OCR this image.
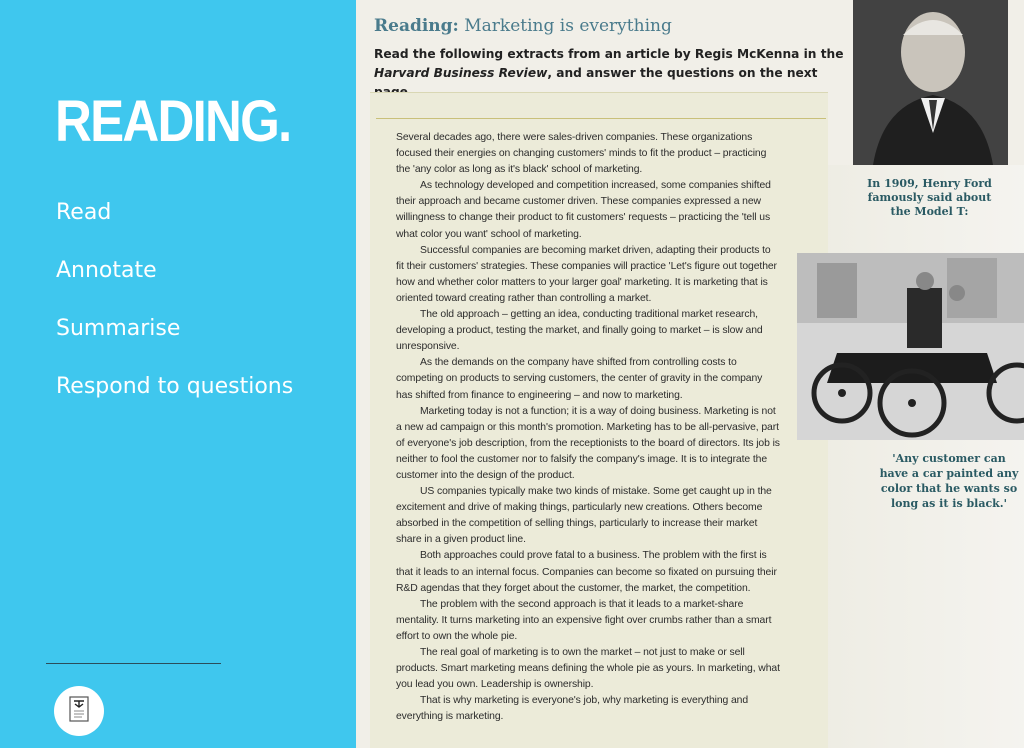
READING.
Read
Annotate
Summarise
Respond to questions
Reading: Marketing is everything
Read the following extracts from an article by Regis McKenna in the Harvard Business Review, and answer the questions on the next

Several decades ago, there were sales-driven companies. These organizations focused their energies on changing customers' minds to fit the product – practicing the 'any color as long as it's black' school of marketing.

As technology developed and competition increased, some companies shifted their approach and became customer driven. These companies expressed a new willingness to change their product to fit customers' requests – practicing the 'tell us what color you want' school of marketing.

Successful companies are becoming market driven, adapting their products to fit their customers' strategies. These companies will practice 'Let's figure out together how and whether color matters to your larger goal' marketing. It is marketing that is oriented toward creating rather than controlling a market.

The old approach – getting an idea, conducting traditional market research, developing a product, testing the market, and finally going to market – is slow and unresponsive.

As the demands on the company have shifted from controlling costs to competing on products to serving customers, the center of gravity in the company has shifted from finance to engineering – and now to marketing.

Marketing today is not a function; it is a way of doing business. Marketing is not a new ad campaign or this month's promotion. Marketing has to be all-pervasive, part of everyone's job description, from the receptionists to the board of directors. Its job is neither to fool the customer nor to falsify the company's image. It is to integrate the customer into the design of the product.

US companies typically make two kinds of mistake. Some get caught up in the excitement and drive of making things, particularly new creations. Others become absorbed in the competition of selling things, particularly to increase their market share in a given product line.

Both approaches could prove fatal to a business. The problem with the first is that it leads to an internal focus. Companies can become so fixated on pursuing their R&D agendas that they forget about the customer, the market, the competition.

The problem with the second approach is that it leads to a market-share mentality. It turns marketing into an expensive fight over crumbs rather than a smart effort to own the whole pie.

The real goal of marketing is to own the market – not just to make or sell products. Smart marketing means defining the whole pie as yours. In marketing, what you lead you own. Leadership is ownership.

That is why marketing is everyone's job, why marketing is everything and everything is marketing.

In 1909, Henry Ford famously said about the Model T:
'Any customer can have a car painted any color that he wants so long as it is black.'
